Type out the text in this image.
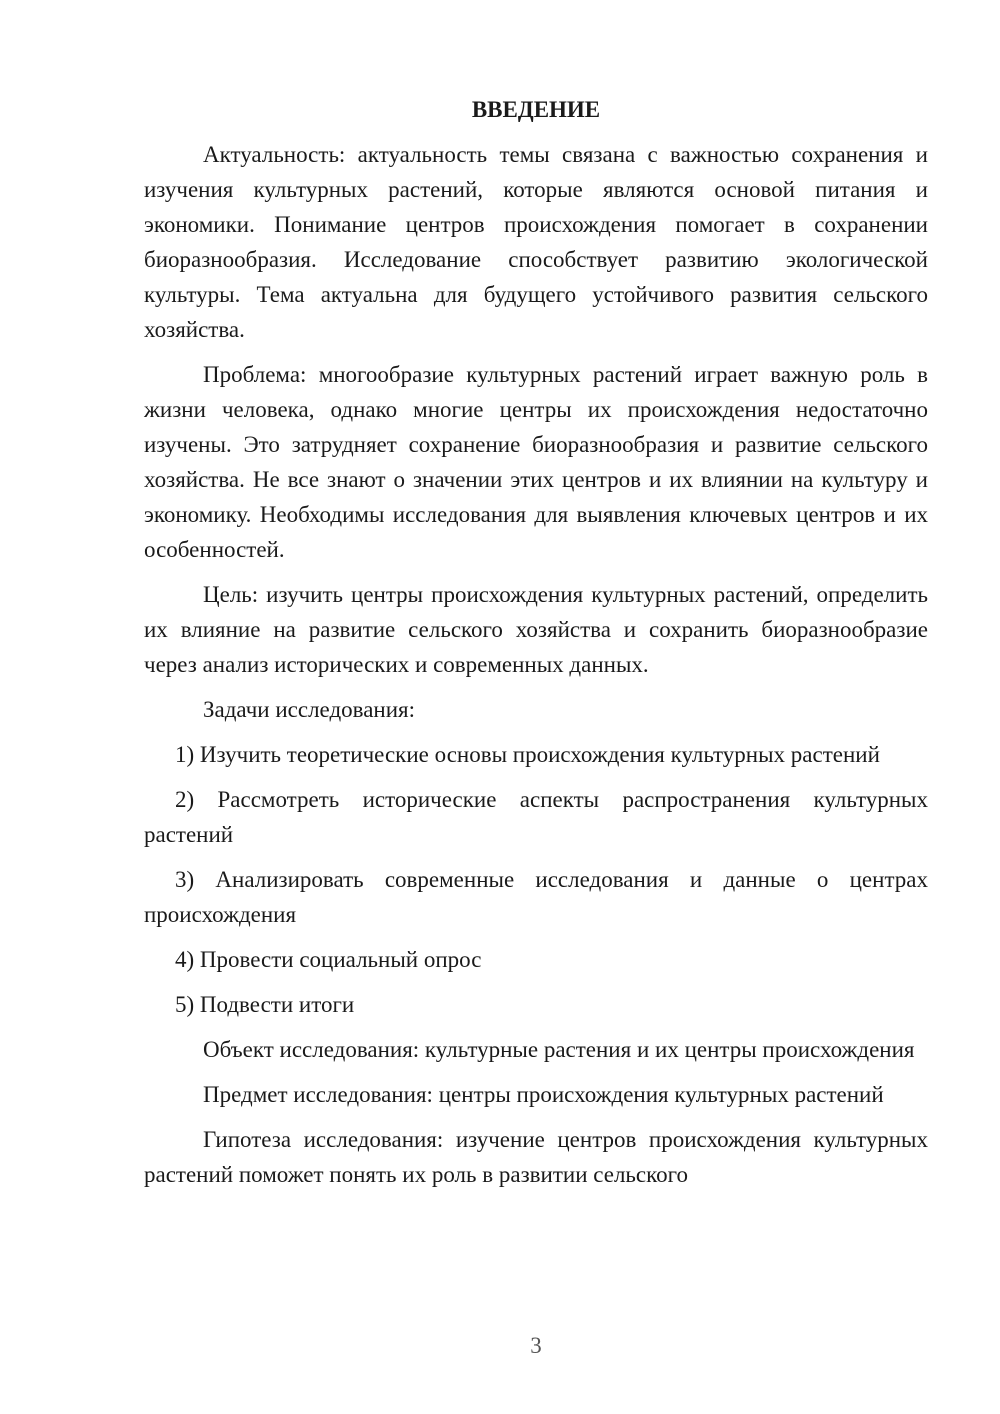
ВВЕДЕНИЕ

Актуальность: актуальность темы связана с важностью сохранения и изучения культурных растений, которые являются основой питания и экономики. Понимание центров происхождения помогает в сохранении биоразнообразия. Исследование способствует развитию экологической культуры. Тема актуальна для будущего устойчивого развития сельского хозяйства.

Проблема: многообразие культурных растений играет важную роль в жизни человека, однако многие центры их происхождения недостаточно изучены. Это затрудняет сохранение биоразнообразия и развитие сельского хозяйства. Не все знают о значении этих центров и их влиянии на культуру и экономику. Необходимы исследования для выявления ключевых центров и их особенностей.

Цель: изучить центры происхождения культурных растений, определить их влияние на развитие сельского хозяйства и сохранить биоразнообразие через анализ исторических и современных данных.

Задачи исследования:

1) Изучить теоретические основы происхождения культурных растений

2) Рассмотреть исторические аспекты распространения культурных растений

3) Анализировать современные исследования и данные о центрах происхождения

4) Провести социальный опрос

5) Подвести итоги

Объект исследования: культурные растения и их центры происхождения

Предмет исследования: центры происхождения культурных растений

Гипотеза исследования: изучение центров происхождения культурных растений поможет понять их роль в развитии сельского

3
